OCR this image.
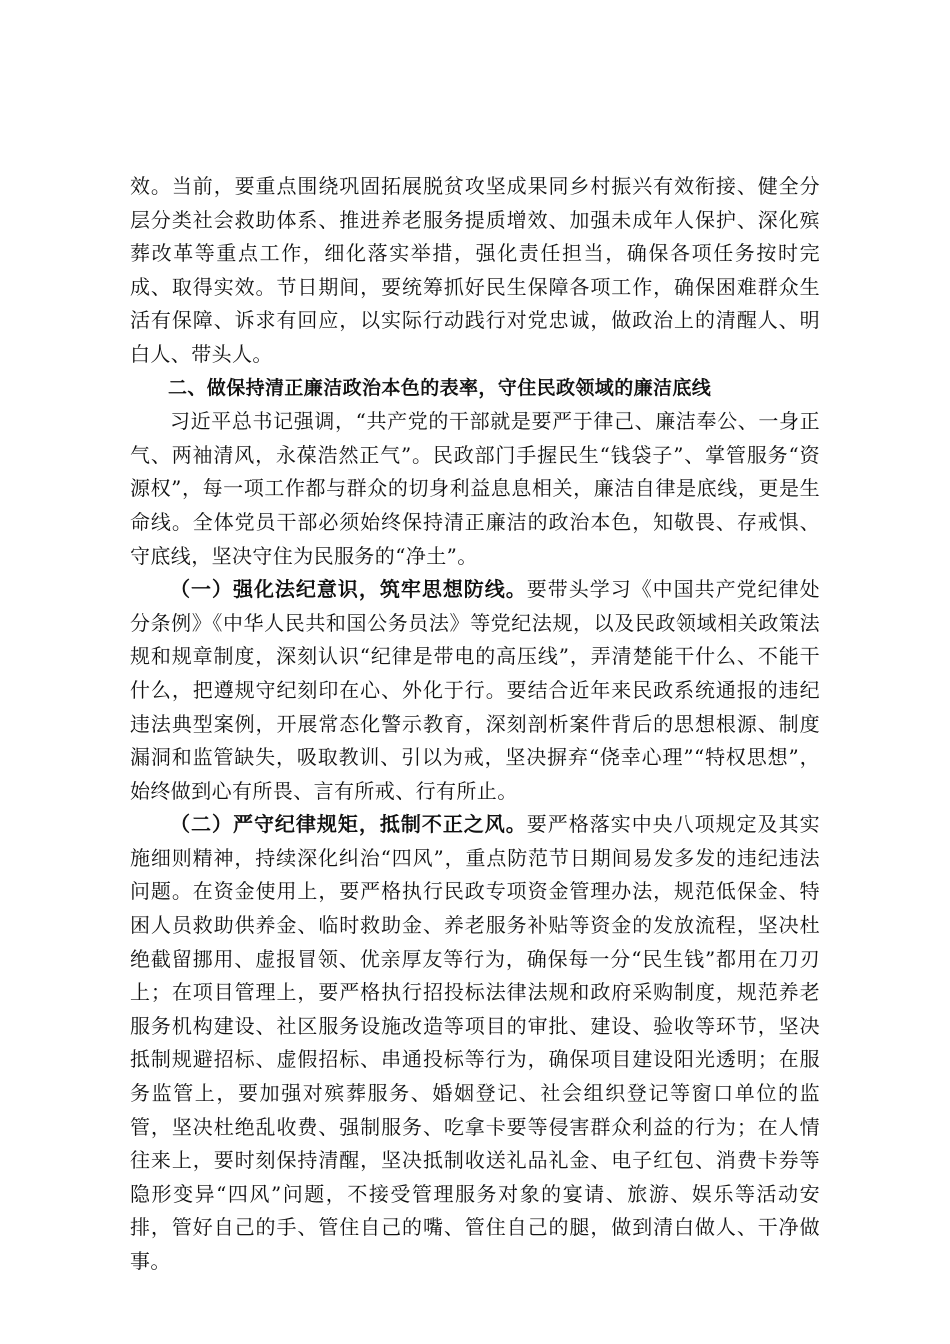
效。当前，要重点围绕巩固拓展脱贫攻坚成果同乡村振兴有效衔接、健全分层分类社会救助体系、推进养老服务提质增效、加强未成年人保护、深化殡葬改革等重点工作，细化落实举措，强化责任担当，确保各项任务按时完成、取得实效。节日期间，要统筹抓好民生保障各项工作，确保困难群众生活有保障、诉求有回应，以实际行动践行对党忠诚，做政治上的清醒人、明白人、带头人。

二、做保持清正廉洁政治本色的表率，守住民政领域的廉洁底线

习近平总书记强调，“共产党的干部就是要严于律己、廉洁奉公、一身正气、两袖清风，永葆浩然正气”。民政部门手握民生“钱袋子”、掌管服务“资源权”，每一项工作都与群众的切身利益息息相关，廉洁自律是底线，更是生命线。全体党员干部必须始终保持清正廉洁的政治本色，知敬畏、存戒惧、守底线，坚决守住为民服务的“净土”。

（一）强化法纪意识，筑牢思想防线。要带头学习《中国共产党纪律处分条例》《中华人民共和国公务员法》等党纪法规，以及民政领域相关政策法规和规章制度，深刻认识“纪律是带电的高压线”，弄清楚能干什么、不能干什么，把遵规守纪刻印在心、外化于行。要结合近年来民政系统通报的违纪违法典型案例，开展常态化警示教育，深刻剖析案件背后的思想根源、制度漏洞和监管缺失，吸取教训、引以为戒，坚决摒弃“侥幸心理”“特权思想”，始终做到心有所畏、言有所戒、行有所止。

（二）严守纪律规矩，抵制不正之风。要严格落实中央八项规定及其实施细则精神，持续深化纠治“四风”，重点防范节日期间易发多发的违纪违法问题。在资金使用上，要严格执行民政专项资金管理办法，规范低保金、特困人员救助供养金、临时救助金、养老服务补贴等资金的发放流程，坚决杜绝截留挪用、虚报冒领、优亲厚友等行为，确保每一分“民生钱”都用在刀刃上；在项目管理上，要严格执行招投标法律法规和政府采购制度，规范养老服务机构建设、社区服务设施改造等项目的审批、建设、验收等环节，坚决抵制规避招标、虚假招标、串通投标等行为，确保项目建设阳光透明；在服务监管上，要加强对殡葬服务、婚姻登记、社会组织登记等窗口单位的监管，坚决杜绝乱收费、强制服务、吃拿卡要等侵害群众利益的行为；在人情往来上，要时刻保持清醒，坚决抵制收送礼品礼金、电子红包、消费卡券等隐形变异“四风”问题，不接受管理服务对象的宴请、旅游、娱乐等活动安排，管好自己的手、管住自己的嘴、管住自己的腿，做到清白做人、干净做事。
